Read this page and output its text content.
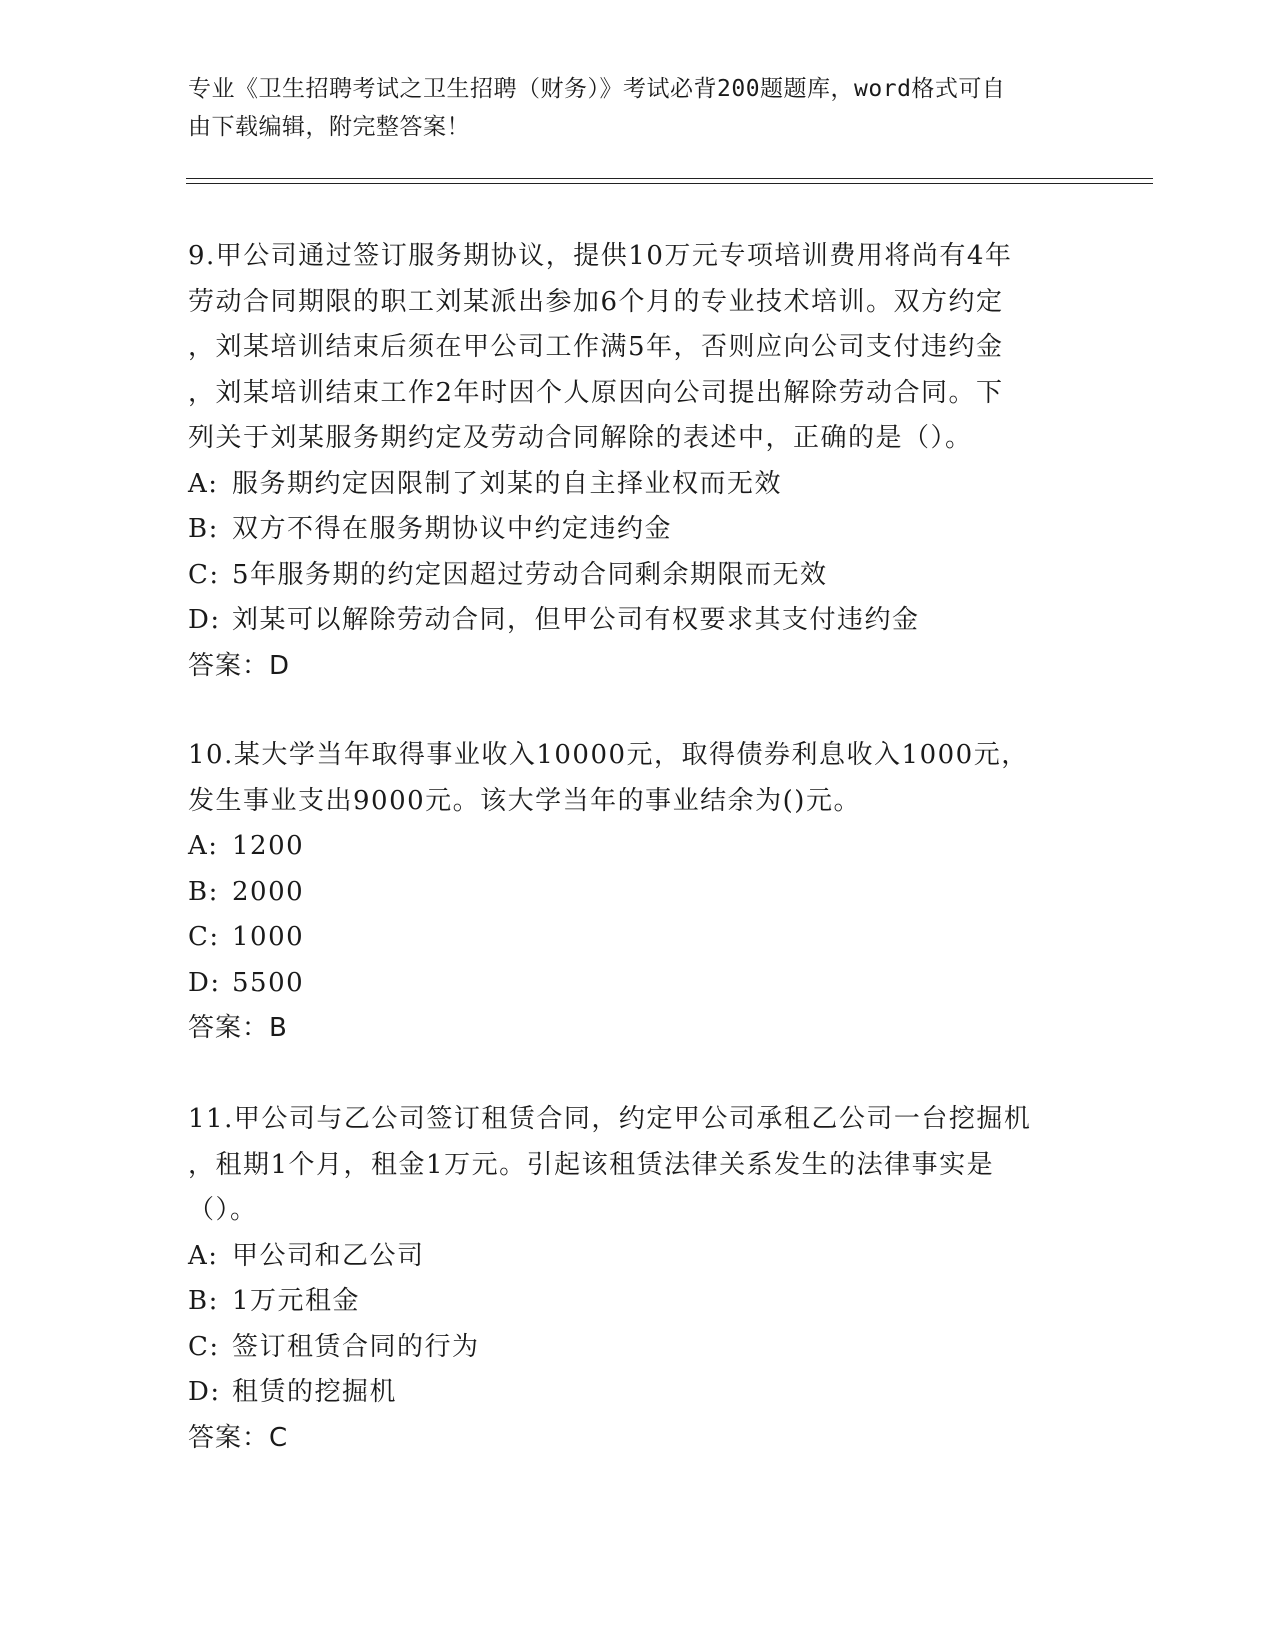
专业《卫生招聘考试之卫生招聘（财务）》考试必背200题题库，word格式可自
由下载编辑，附完整答案！
9.甲公司通过签订服务期协议，提供10万元专项培训费用将尚有4年
劳动合同期限的职工刘某派出参加6个月的专业技术培训。双方约定
，刘某培训结束后须在甲公司工作满5年，否则应向公司支付违约金
，刘某培训结束工作2年时因个人原因向公司提出解除劳动合同。下
列关于刘某服务期约定及劳动合同解除的表述中，正确的是（）。
A: 服务期约定因限制了刘某的自主择业权而无效
B: 双方不得在服务期协议中约定违约金
C: 5年服务期的约定因超过劳动合同剩余期限而无效
D: 刘某可以解除劳动合同，但甲公司有权要求其支付违约金
答案：D
10.某大学当年取得事业收入10000元，取得债券利息收入1000元，
发生事业支出9000元。该大学当年的事业结余为()元。
A: 1200
B: 2000
C: 1000
D: 5500
答案：B
11.甲公司与乙公司签订租赁合同，约定甲公司承租乙公司一台挖掘机
，租期1个月，租金1万元。引起该租赁法律关系发生的法律事实是
（）。
A: 甲公司和乙公司
B: 1万元租金
C: 签订租赁合同的行为
D: 租赁的挖掘机
答案：C
